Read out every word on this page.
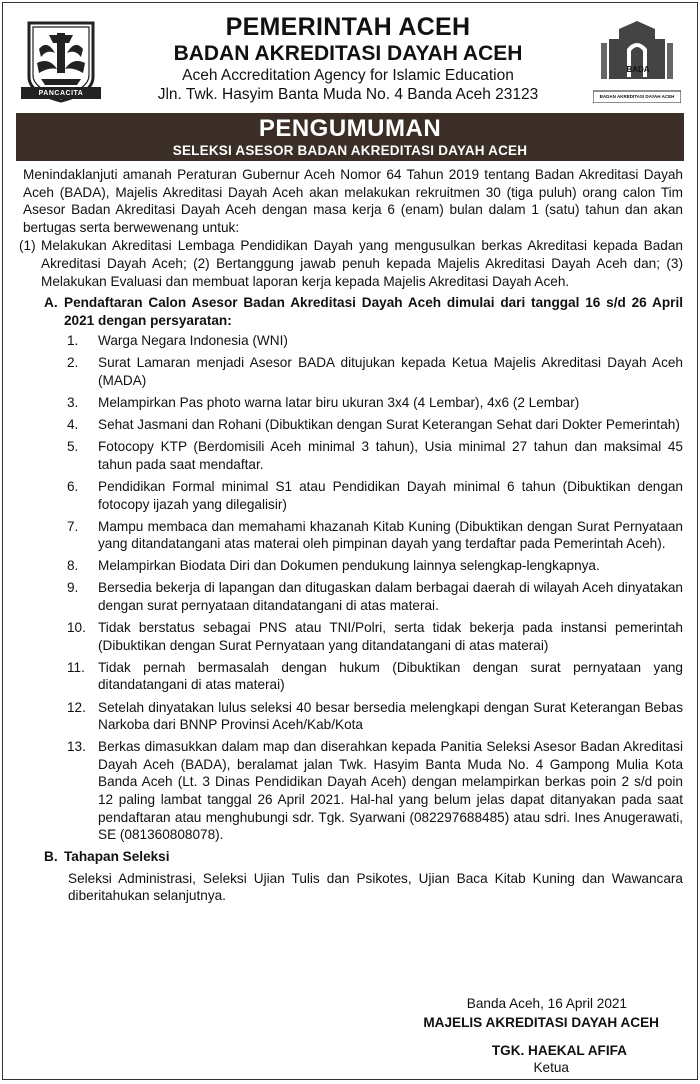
PANCACITA
PEMERINTAH ACEH
BADAN AKREDITASI DAYAH ACEH
Aceh Accreditation Agency for Islamic Education
Jln. Twk. Hasyim Banta Muda No. 4 Banda Aceh 23123
BADA
BADAN AKREDITASI DAYAH ACEH
PENGUMUMAN
SELEKSI ASESOR BADAN AKREDITASI DAYAH ACEH
Menindaklanjuti amanah Peraturan Gubernur Aceh Nomor 64 Tahun 2019 tentang Badan Akreditasi Dayah Aceh (BADA), Majelis Akreditasi Dayah Aceh akan melakukan rekruitmen 30 (tiga puluh) orang calon Tim Asesor Badan Akreditasi Dayah Aceh dengan masa kerja 6 (enam) bulan dalam 1 (satu) tahun dan akan bertugas serta berwewenang untuk:
(1) Melakukan Akreditasi Lembaga Pendidikan Dayah yang mengusulkan berkas Akreditasi kepada Badan Akreditasi Dayah Aceh; (2) Bertanggung jawab penuh kepada Majelis Akreditasi Dayah Aceh dan; (3) Melakukan Evaluasi dan membuat laporan kerja kepada Majelis Akreditasi Dayah Aceh.
A. Pendaftaran Calon Asesor Badan Akreditasi Dayah Aceh dimulai dari tanggal 16 s/d 26 April 2021 dengan persyaratan:
1. Warga Negara Indonesia (WNI)
2. Surat Lamaran menjadi Asesor BADA ditujukan kepada Ketua Majelis Akreditasi Dayah Aceh (MADA)
3. Melampirkan Pas photo warna latar biru ukuran 3x4 (4 Lembar), 4x6 (2 Lembar)
4. Sehat Jasmani dan Rohani (Dibuktikan dengan Surat Keterangan Sehat dari Dokter Pemerintah)
5. Fotocopy KTP (Berdomisili Aceh minimal 3 tahun), Usia minimal 27 tahun dan maksimal 45 tahun pada saat mendaftar.
6. Pendidikan Formal minimal S1 atau Pendidikan Dayah minimal 6 tahun (Dibuktikan dengan fotocopy ijazah yang dilegalisir)
7. Mampu membaca dan memahami khazanah Kitab Kuning (Dibuktikan dengan Surat Pernyataan yang ditandatangani atas materai oleh pimpinan dayah yang terdaftar pada Pemerintah Aceh).
8. Melampirkan Biodata Diri dan Dokumen pendukung lainnya selengkap-lengkapnya.
9. Bersedia bekerja di lapangan dan ditugaskan dalam berbagai daerah di wilayah Aceh dinyatakan dengan surat pernyataan ditandatangani di atas materai.
10. Tidak berstatus sebagai PNS atau TNI/Polri, serta tidak bekerja pada instansi pemerintah (Dibuktikan dengan Surat Pernyataan yang ditandatangani di atas materai)
11. Tidak pernah bermasalah dengan hukum (Dibuktikan dengan surat pernyataan yang ditandatangani di atas materai)
12. Setelah dinyatakan lulus seleksi 40 besar bersedia melengkapi dengan Surat Keterangan Bebas Narkoba dari BNNP Provinsi Aceh/Kab/Kota
13. Berkas dimasukkan dalam map dan diserahkan kepada Panitia Seleksi Asesor Badan Akreditasi Dayah Aceh (BADA), beralamat jalan Twk. Hasyim Banta Muda No. 4 Gampong Mulia Kota Banda Aceh (Lt. 3 Dinas Pendidikan Dayah Aceh) dengan melampirkan berkas poin 2 s/d poin 12 paling lambat tanggal 26 April 2021. Hal-hal yang belum jelas dapat ditanyakan pada saat pendaftaran atau menghubungi sdr. Tgk. Syarwani (082297688485) atau sdri. Ines Anugerawati, SE (081360808078).
B. Tahapan Seleksi
Seleksi Administrasi, Seleksi Ujian Tulis dan Psikotes, Ujian Baca Kitab Kuning dan Wawancara diberitahukan selanjutnya.
Banda Aceh, 16 April 2021
MAJELIS AKREDITASI DAYAH ACEH
TGK. HAEKAL AFIFA
Ketua
